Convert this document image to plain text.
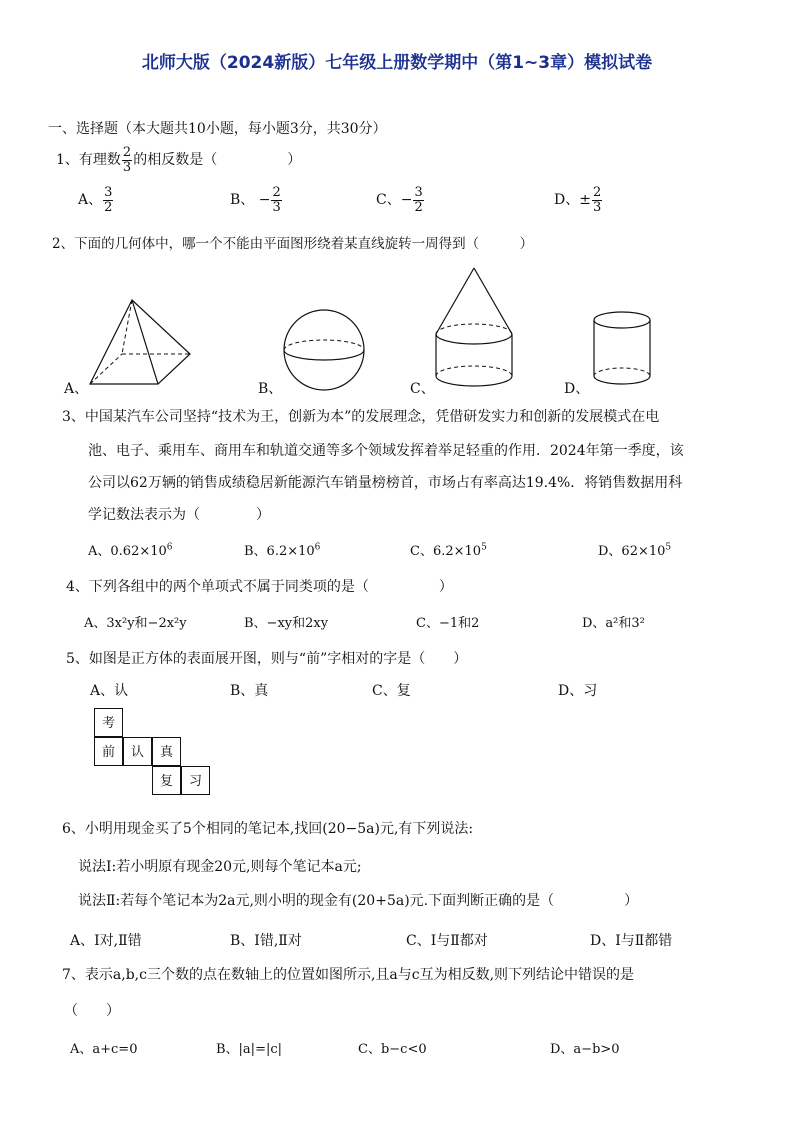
北师大版（2024新版）七年级上册数学期中（第1~3章）模拟试卷
一、选择题（本大题共10小题，每小题3分，共30分）
1、有理数 $\frac{2}{3}$ 的相反数是（　　　　　）
A、 $\frac{3}{2}$	B、 − $\frac{2}{3}$	C、− $\frac{3}{2}$	D、± $\frac{2}{3}$
2、下面的几何体中，哪一个不能由平面图形绕着某直线旋转一周得到（　　　）
A、	B、	C、	D、
3、中国某汽车公司坚持“技术为王，创新为本”的发展理念，凭借研发实力和创新的发展模式在电
池、电子、乘用车、商用车和轨道交通等多个领域发挥着举足轻重的作用．2024年第一季度，该
公司以62万辆的销售成绩稳居新能源汽车销量榜榜首，市场占有率高达19.4%．将销售数据用科
学记数法表示为（　　　　）
A、$0.62\times 10^6$	B、$6.2\times 10^6$	C、$6.2\times 10^5$	D、$62\times 10^5$
4、下列各组中的两个单项式不属于同类项的是（　　　　　）
A、3x²y和−2x²y	B、−xy和2xy	C、−1和2	D、a²和3²
5、如图是正方体的表面展开图，则与“前”字相对的字是（　　）
A、认	B、真	C、复	D、习
考
前	认	真
复	习
6、小明用现金买了5个相同的笔记本,找回(20−5a)元,有下列说法:
说法Ⅰ:若小明原有现金20元,则每个笔记本a元;
说法Ⅱ:若每个笔记本为2a元,则小明的现金有(20+5a)元.下面判断正确的是（　　　　　）
A、Ⅰ对,Ⅱ错	B、Ⅰ错,Ⅱ对	C、Ⅰ与Ⅱ都对	D、Ⅰ与Ⅱ都错
7、表示a,b,c三个数的点在数轴上的位置如图所示,且a与c互为相反数,则下列结论中错误的是
（　　）
A、a+c=0	B、|a|=|c|	C、b−c<0	D、a−b>0
